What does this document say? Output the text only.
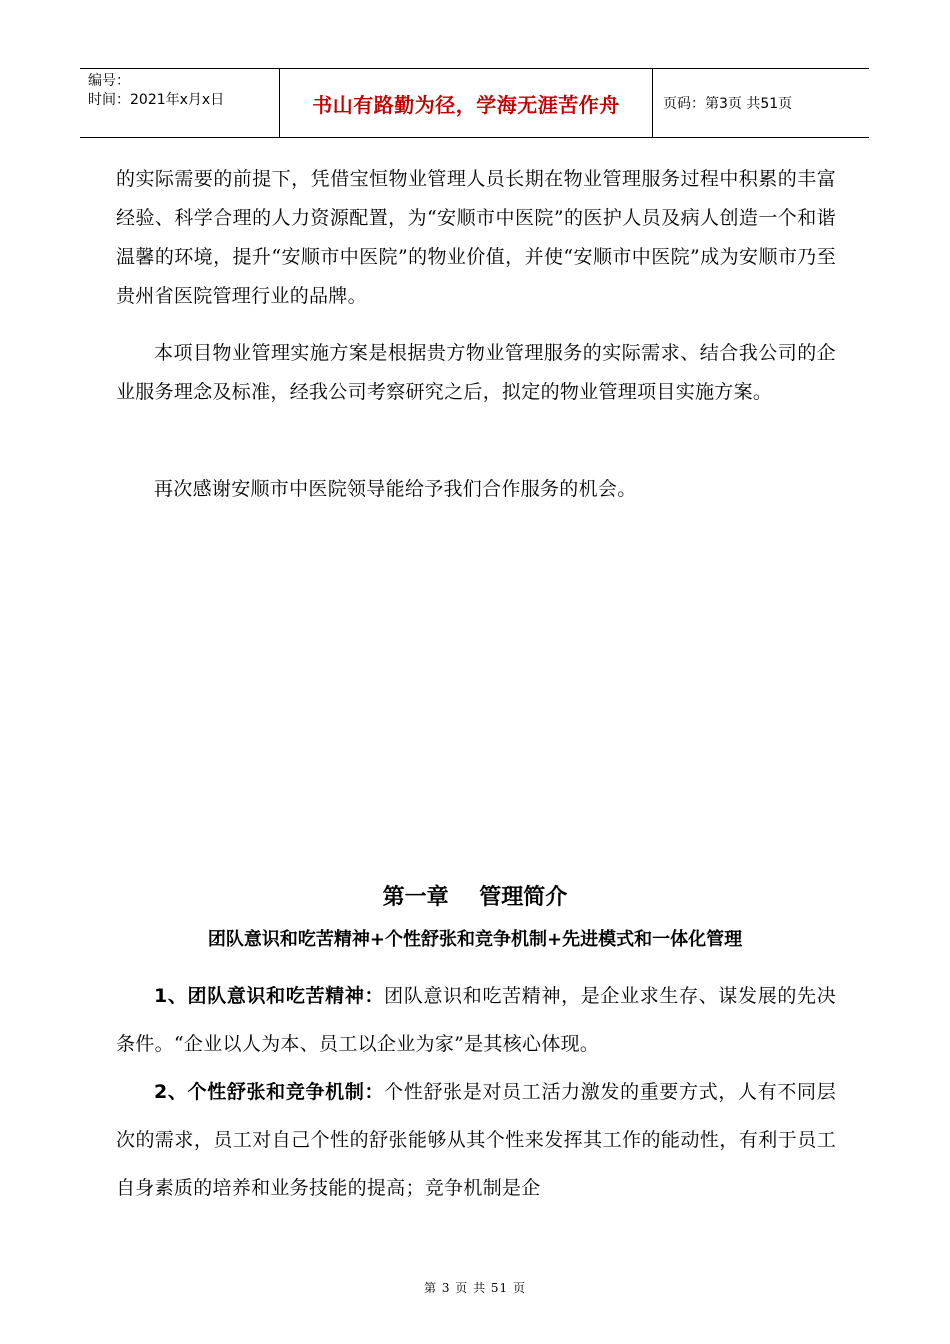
编号：
时间：2021年x月x日	书山有路勤为径，学海无涯苦作舟	页码：第3页 共51页

的实际需要的前提下，凭借宝恒物业管理人员长期在物业管理服务过程中积累的丰富经验、科学合理的人力资源配置，为“安顺市中医院”的医护人员及病人创造一个和谐温馨的环境，提升“安顺市中医院”的物业价值，并使“安顺市中医院”成为安顺市乃至贵州省医院管理行业的品牌。

本项目物业管理实施方案是根据贵方物业管理服务的实际需求、结合我公司的企业服务理念及标准，经我公司考察研究之后，拟定的物业管理项目实施方案。

再次感谢安顺市中医院领导能给予我们合作服务的机会。

第一章    管理简介
团队意识和吃苦精神+个性舒张和竞争机制+先进模式和一体化管理

1、团队意识和吃苦精神：团队意识和吃苦精神，是企业求生存、谋发展的先决条件。“企业以人为本、员工以企业为家”是其核心体现。

2、个性舒张和竞争机制：个性舒张是对员工活力激发的重要方式，人有不同层次的需求，员工对自己个性的舒张能够从其个性来发挥其工作的能动性，有利于员工自身素质的培养和业务技能的提高；竞争机制是企

第 3 页 共 51 页
